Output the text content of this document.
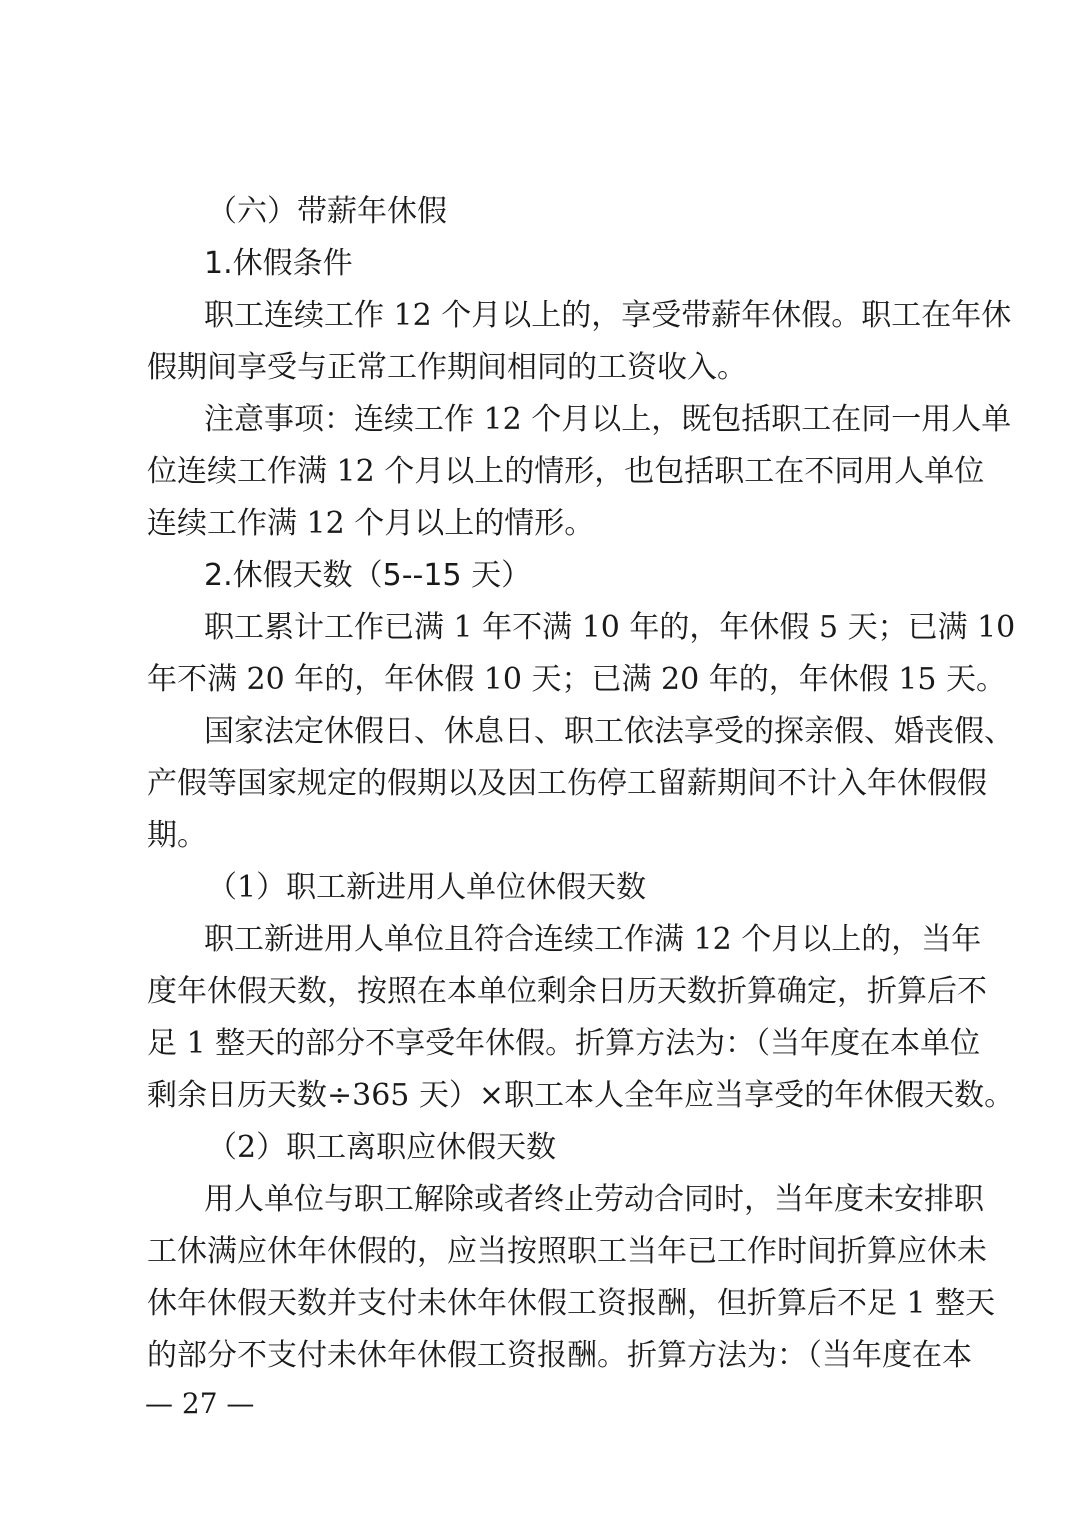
（六）带薪年休假
1.休假条件
职工连续工作 12 个月以上的，享受带薪年休假。职工在年休
假期间享受与正常工作期间相同的工资收入。
注意事项：连续工作 12 个月以上，既包括职工在同一用人单
位连续工作满 12 个月以上的情形，也包括职工在不同用人单位
连续工作满 12 个月以上的情形。
2.休假天数（5--15 天）
职工累计工作已满 1 年不满 10 年的，年休假 5 天；已满 10
年不满 20 年的，年休假 10 天；已满 20 年的，年休假 15 天。
国家法定休假日、休息日、职工依法享受的探亲假、婚丧假、
产假等国家规定的假期以及因工伤停工留薪期间不计入年休假假
期。
（1）职工新进用人单位休假天数
职工新进用人单位且符合连续工作满 12 个月以上的，当年
度年休假天数，按照在本单位剩余日历天数折算确定，折算后不
足 1 整天的部分不享受年休假。折算方法为：（当年度在本单位
剩余日历天数÷365 天）×职工本人全年应当享受的年休假天数。
（2）职工离职应休假天数
用人单位与职工解除或者终止劳动合同时，当年度未安排职
工休满应休年休假的，应当按照职工当年已工作时间折算应休未
休年休假天数并支付未休年休假工资报酬，但折算后不足 1 整天
的部分不支付未休年休假工资报酬。折算方法为：（当年度在本
— 27 —
